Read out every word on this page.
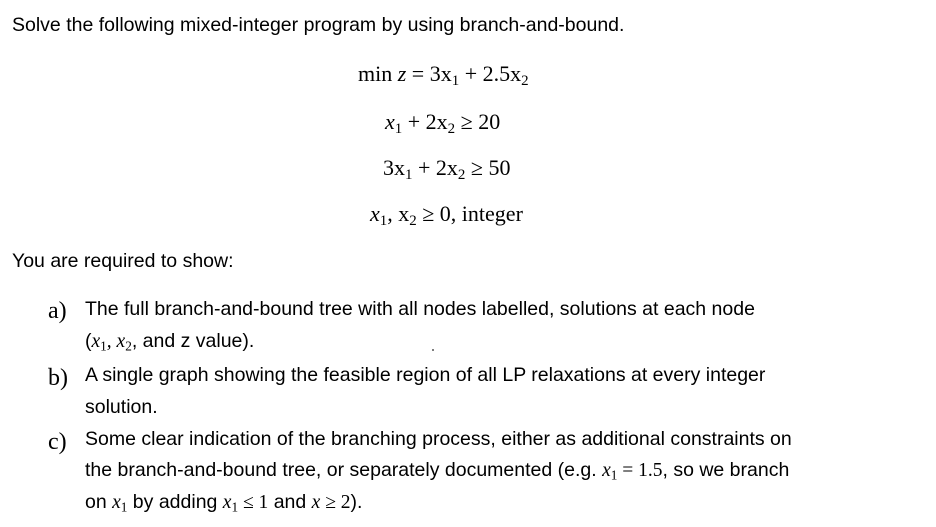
Solve the following mixed-integer program by using branch-and-bound.
$\min z = 3x_1 + 2.5x_2$
$x_1 + 2x_2 \ge 20$
$3x_1 + 2x_2 \ge 50$
$x_1$, $x_2 \ge 0$, integer
You are required to show:
a) The full branch-and-bound tree with all nodes labelled, solutions at each node
($x_1$, $x_2$, and z value).
b) A single graph showing the feasible region of all LP relaxations at every integer
solution.
c) Some clear indication of the branching process, either as additional constraints on
the branch-and-bound tree, or separately documented (e.g. $x_1 = 1.5$, so we branch
on $x_1$ by adding $x_1 \le 1$ and x ≥ 2).
